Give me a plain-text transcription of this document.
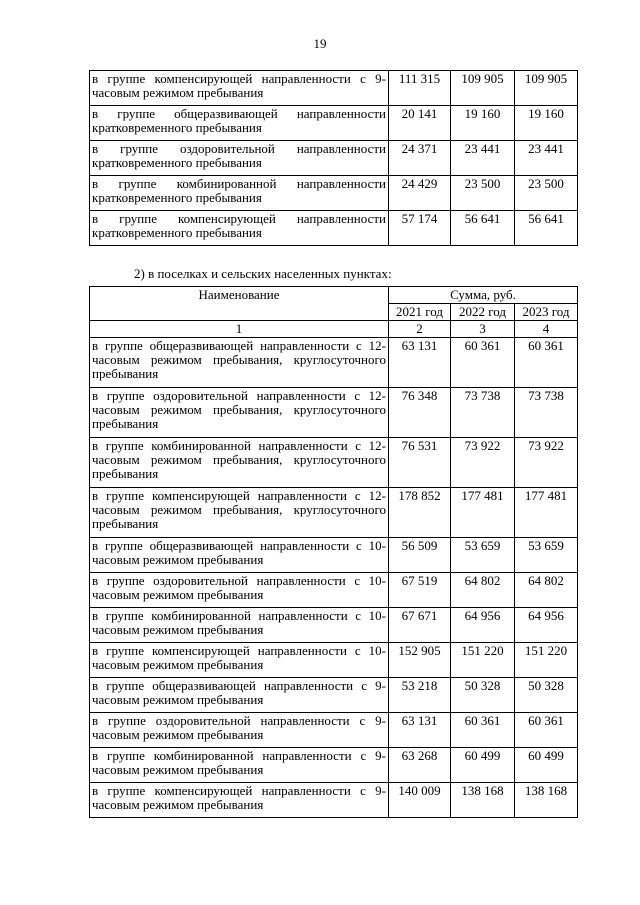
19
в группе компенсирующей направленности с 9-часовым режимом пребывания	111 315	109 905	109 905
в группе общеразвивающей направленности кратковременного пребывания	20 141	19 160	19 160
в группе оздоровительной направленности кратковременного пребывания	24 371	23 441	23 441
в группе комбинированной направленности кратковременного пребывания	24 429	23 500	23 500
в группе компенсирующей направленности кратковременного пребывания	57 174	56 641	56 641
2) в поселках и сельских населенных пунктах:
Наименование	Сумма, руб.		
	2021 год	2022 год	2023 год
1	2	3	4
в группе общеразвивающей направленности с 12-часовым режимом пребывания, круглосуточного пребывания	63 131	60 361	60 361
в группе оздоровительной направленности с 12-часовым режимом пребывания, круглосуточного пребывания	76 348	73 738	73 738
в группе комбинированной направленности с 12-часовым режимом пребывания, круглосуточного пребывания	76 531	73 922	73 922
в группе компенсирующей направленности с 12-часовым режимом пребывания, круглосуточного пребывания	178 852	177 481	177 481
в группе общеразвивающей направленности с 10-часовым режимом пребывания	56 509	53 659	53 659
в группе оздоровительной направленности с 10-часовым режимом пребывания	67 519	64 802	64 802
в группе комбинированной направленности с 10-часовым режимом пребывания	67 671	64 956	64 956
в группе компенсирующей направленности с 10-часовым режимом пребывания	152 905	151 220	151 220
в группе общеразвивающей направленности с 9-часовым режимом пребывания	53 218	50 328	50 328
в группе оздоровительной направленности с 9-часовым режимом пребывания	63 131	60 361	60 361
в группе комбинированной направленности с 9-часовым режимом пребывания	63 268	60 499	60 499
в группе компенсирующей направленности с 9-часовым режимом пребывания	140 009	138 168	138 168
